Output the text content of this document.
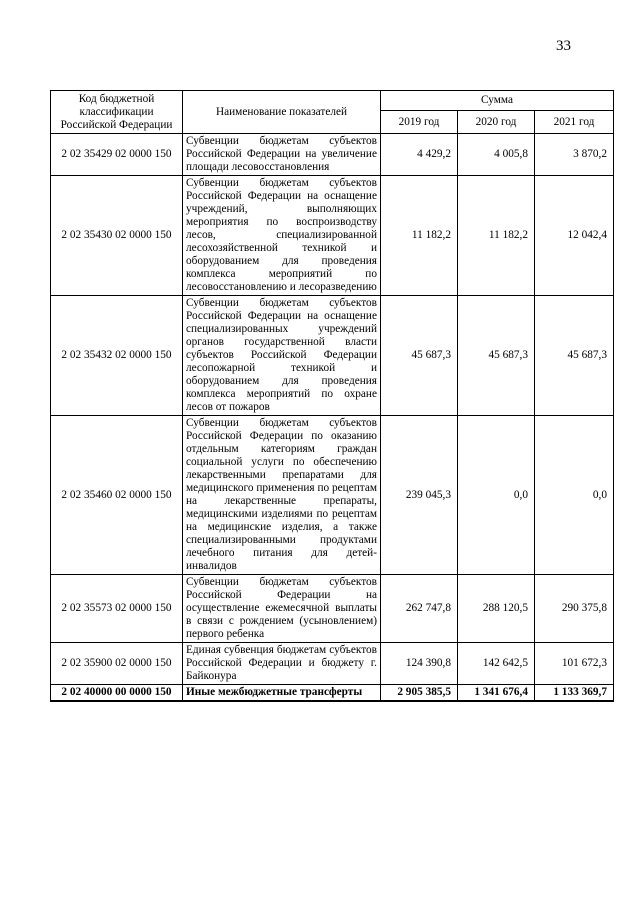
33
Код бюджетной классификации Российской Федерации	Наименование показателей	Сумма		
		2019 год	2020 год	2021 год
2 02 35429 02 0000 150	Субвенции бюджетам субъектов Российской Федерации на увеличение площади лесовосстановления	4 429,2	4 005,8	3 870,2
2 02 35430 02 0000 150	Субвенции бюджетам субъектов Российской Федерации на оснащение учреждений, выполняющих мероприятия по воспроизводству лесов, специализированной лесохозяйственной техникой и оборудованием для проведения комплекса мероприятий по лесовосстановлению и лесоразведению	11 182,2	11 182,2	12 042,4
2 02 35432 02 0000 150	Субвенции бюджетам субъектов Российской Федерации на оснащение специализированных учреждений органов государственной власти субъектов Российской Федерации лесопожарной техникой и оборудованием для проведения комплекса мероприятий по охране лесов от пожаров	45 687,3	45 687,3	45 687,3
2 02 35460 02 0000 150	Субвенции бюджетам субъектов Российской Федерации по оказанию отдельным категориям граждан социальной услуги по обеспечению лекарственными препаратами для медицинского применения по рецептам на лекарственные препараты, медицинскими изделиями по рецептам на медицинские изделия, а также специализированными продуктами лечебного питания для детей-инвалидов	239 045,3	0,0	0,0
2 02 35573 02 0000 150	Субвенции бюджетам субъектов Российской Федерации на осуществление ежемесячной выплаты в связи с рождением (усыновлением) первого ребенка	262 747,8	288 120,5	290 375,8
2 02 35900 02 0000 150	Единая субвенция бюджетам субъектов Российской Федерации и бюджету г. Байконура	124 390,8	142 642,5	101 672,3
2 02 40000 00 0000 150	Иные межбюджетные трансферты	2 905 385,5	1 341 676,4	1 133 369,7
